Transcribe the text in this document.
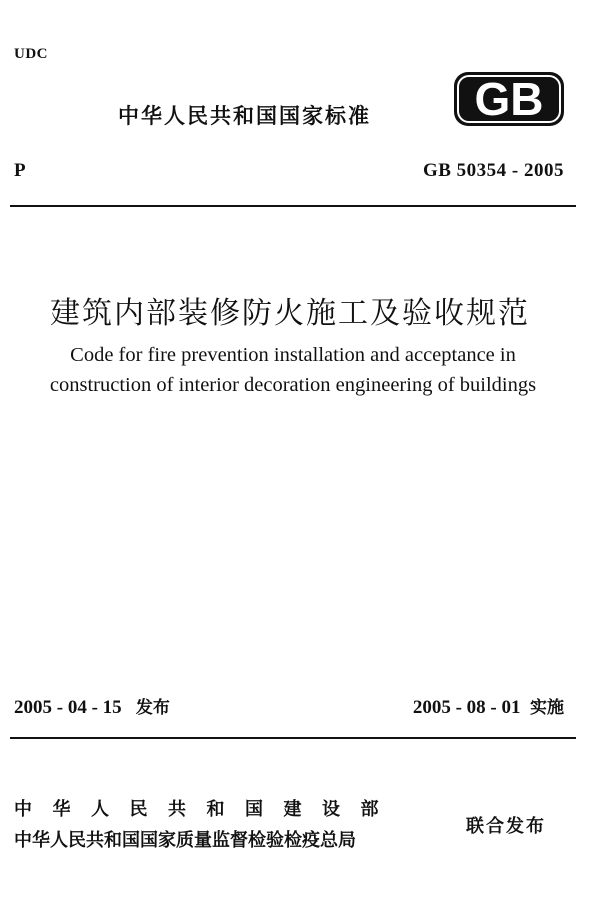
UDC
中华人民共和国国家标准 GB
P	GB 50354 - 2005
建筑内部装修防火施工及验收规范
Code for fire prevention installation and acceptance in
construction of interior decoration engineering of buildings
2005 - 04 - 15 发布	2005 - 08 - 01 实施
中华人民共和国建设部
中华人民共和国国家质量监督检验检疫总局
联合发布
